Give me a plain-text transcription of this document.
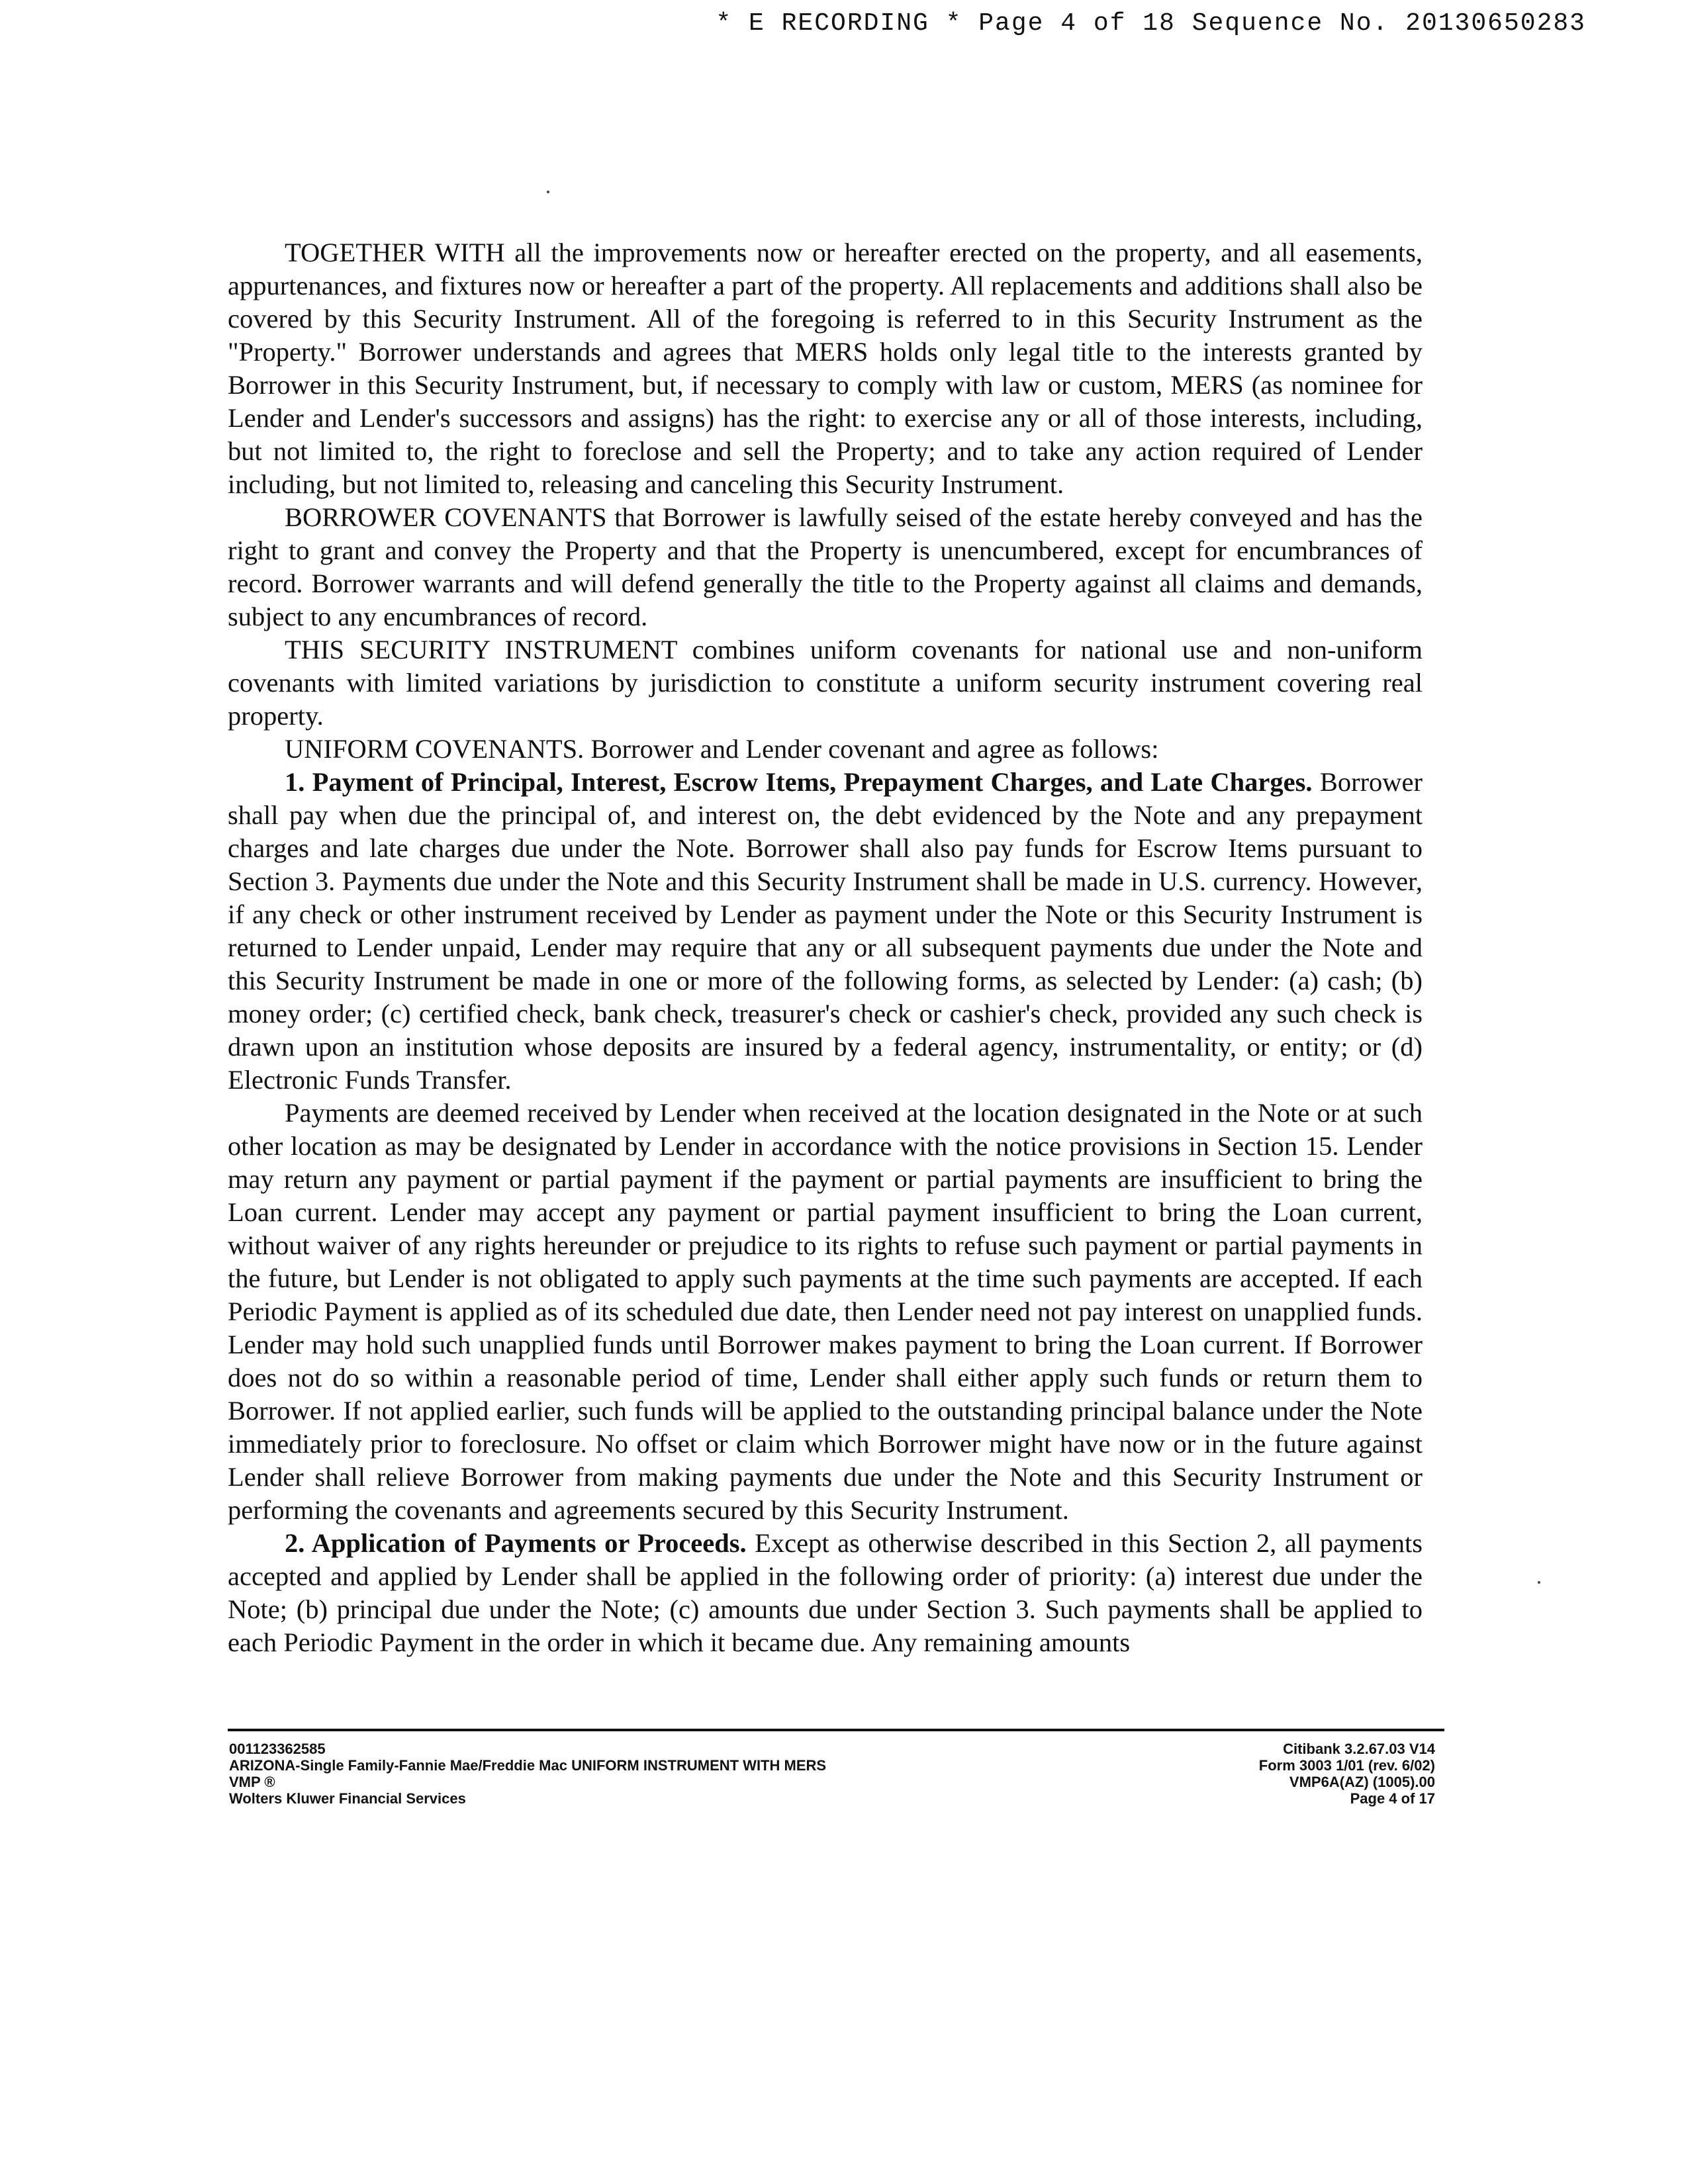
* E RECORDING * Page 4 of 18 Sequence No. 20130650283

TOGETHER WITH all the improvements now or hereafter erected on the property, and all easements, appurtenances, and fixtures now or hereafter a part of the property. All replacements and additions shall also be covered by this Security Instrument. All of the foregoing is referred to in this Security Instrument as the "Property." Borrower understands and agrees that MERS holds only legal title to the interests granted by Borrower in this Security Instrument, but, if necessary to comply with law or custom, MERS (as nominee for Lender and Lender's successors and assigns) has the right: to exercise any or all of those interests, including, but not limited to, the right to foreclose and sell the Property; and to take any action required of Lender including, but not limited to, releasing and canceling this Security Instrument.

BORROWER COVENANTS that Borrower is lawfully seised of the estate hereby conveyed and has the right to grant and convey the Property and that the Property is unencumbered, except for encumbrances of record. Borrower warrants and will defend generally the title to the Property against all claims and demands, subject to any encumbrances of record.

THIS SECURITY INSTRUMENT combines uniform covenants for national use and non-uniform covenants with limited variations by jurisdiction to constitute a uniform security instrument covering real property.

UNIFORM COVENANTS. Borrower and Lender covenant and agree as follows:

1. Payment of Principal, Interest, Escrow Items, Prepayment Charges, and Late Charges. Borrower shall pay when due the principal of, and interest on, the debt evidenced by the Note and any prepayment charges and late charges due under the Note. Borrower shall also pay funds for Escrow Items pursuant to Section 3. Payments due under the Note and this Security Instrument shall be made in U.S. currency. However, if any check or other instrument received by Lender as payment under the Note or this Security Instrument is returned to Lender unpaid, Lender may require that any or all subsequent payments due under the Note and this Security Instrument be made in one or more of the following forms, as selected by Lender: (a) cash; (b) money order; (c) certified check, bank check, treasurer's check or cashier's check, provided any such check is drawn upon an institution whose deposits are insured by a federal agency, instrumentality, or entity; or (d) Electronic Funds Transfer.

Payments are deemed received by Lender when received at the location designated in the Note or at such other location as may be designated by Lender in accordance with the notice provisions in Section 15. Lender may return any payment or partial payment if the payment or partial payments are insufficient to bring the Loan current. Lender may accept any payment or partial payment insufficient to bring the Loan current, without waiver of any rights hereunder or prejudice to its rights to refuse such payment or partial payments in the future, but Lender is not obligated to apply such payments at the time such payments are accepted. If each Periodic Payment is applied as of its scheduled due date, then Lender need not pay interest on unapplied funds. Lender may hold such unapplied funds until Borrower makes payment to bring the Loan current. If Borrower does not do so within a reasonable period of time, Lender shall either apply such funds or return them to Borrower. If not applied earlier, such funds will be applied to the outstanding principal balance under the Note immediately prior to foreclosure. No offset or claim which Borrower might have now or in the future against Lender shall relieve Borrower from making payments due under the Note and this Security Instrument or performing the covenants and agreements secured by this Security Instrument.

2. Application of Payments or Proceeds. Except as otherwise described in this Section 2, all payments accepted and applied by Lender shall be applied in the following order of priority: (a) interest due under the Note; (b) principal due under the Note; (c) amounts due under Section 3. Such payments shall be applied to each Periodic Payment in the order in which it became due. Any remaining amounts

001123362585
ARIZONA-Single Family-Fannie Mae/Freddie Mac UNIFORM INSTRUMENT WITH MERS
VMP ®
Wolters Kluwer Financial Services
Citibank 3.2.67.03 V14
Form 3003 1/01 (rev. 6/02)
VMP6A(AZ) (1005).00
Page 4 of 17
